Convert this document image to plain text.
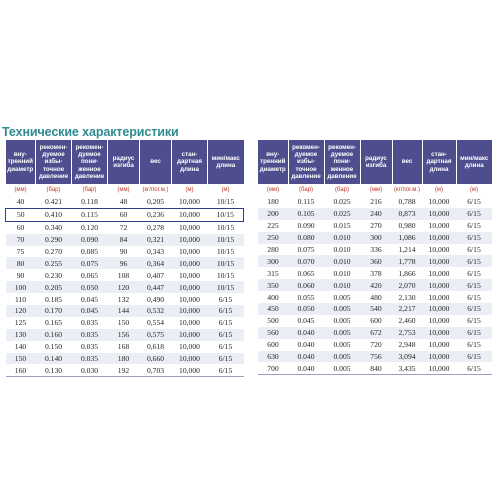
Технические характеристики
вну-
тренний
диаметр	рекомен-
дуемое
избы-
точное
давление	рекомен-
дуемое
пони-
женное
давление	радиус
изгиба	вес	стан-
дартная
длина	мин/макс
длина
(мм)	(бар)	(бар)	(мм)	(кг/пог.м.)	(м)	(м)
40	0.421	0.118	48	0,205	10,000	10/15
50	0.410	0.115	60	0,236	10,000	10/15
60	0.340	0.120	72	0,278	10,000	10/15
70	0.290	0.090	84	0,321	10,000	10/15
75	0.270	0.085	90	0,343	10,000	10/15
80	0.255	0.075	96	0,364	10,000	10/15
90	0.230	0.065	108	0,407	10,000	10/15
100	0.205	0.050	120	0,447	10,000	10/15
110	0.185	0.045	132	0,490	10,000	6/15
120	0.170	0.045	144	0,532	10,000	6/15
125	0.165	0.035	150	0,554	10,000	6/15
130	0.160	0.035	156	0,575	10,000	6/15
140	0.150	0.035	168	0,618	10,000	6/15
150	0.140	0.035	180	0,660	10,000	6/15
160	0.130	0.030	192	0,703	10,000	6/15
вну-
тренний
диаметр	рекомен-
дуемое
избы-
точное
давление	рекомен-
дуемое
пони-
женное
давление	радиус
изгиба	вес	стан-
дартная
длина	мин/макс
длина
(мм)	(бар)	(бар)	(мм)	(кг/пог.м.)	(м)	(м)
180	0.115	0.025	216	0,788	10,000	6/15
200	0.105	0.025	240	0,873	10,000	6/15
225	0.090	0.015	270	0,980	10,000	6/15
250	0.080	0.010	300	1,086	10,000	6/15
280	0.075	0.010	336	1,214	10,000	6/15
300	0.070	0.010	360	1,778	10,000	6/15
315	0.065	0.010	378	1,866	10,000	6/15
350	0.060	0.010	420	2,070	10,000	6/15
400	0.055	0.005	480	2,130	10,000	6/15
450	0.050	0.005	540	2,217	10,000	6/15
500	0.045	0.005	600	2,460	10,000	6/15
560	0.040	0.005	672	2,753	10,000	6/15
600	0.040	0.005	720	2,948	10,000	6/15
630	0.040	0.005	756	3,094	10,000	6/15
700	0.040	0.005	840	3,435	10,000	6/15
